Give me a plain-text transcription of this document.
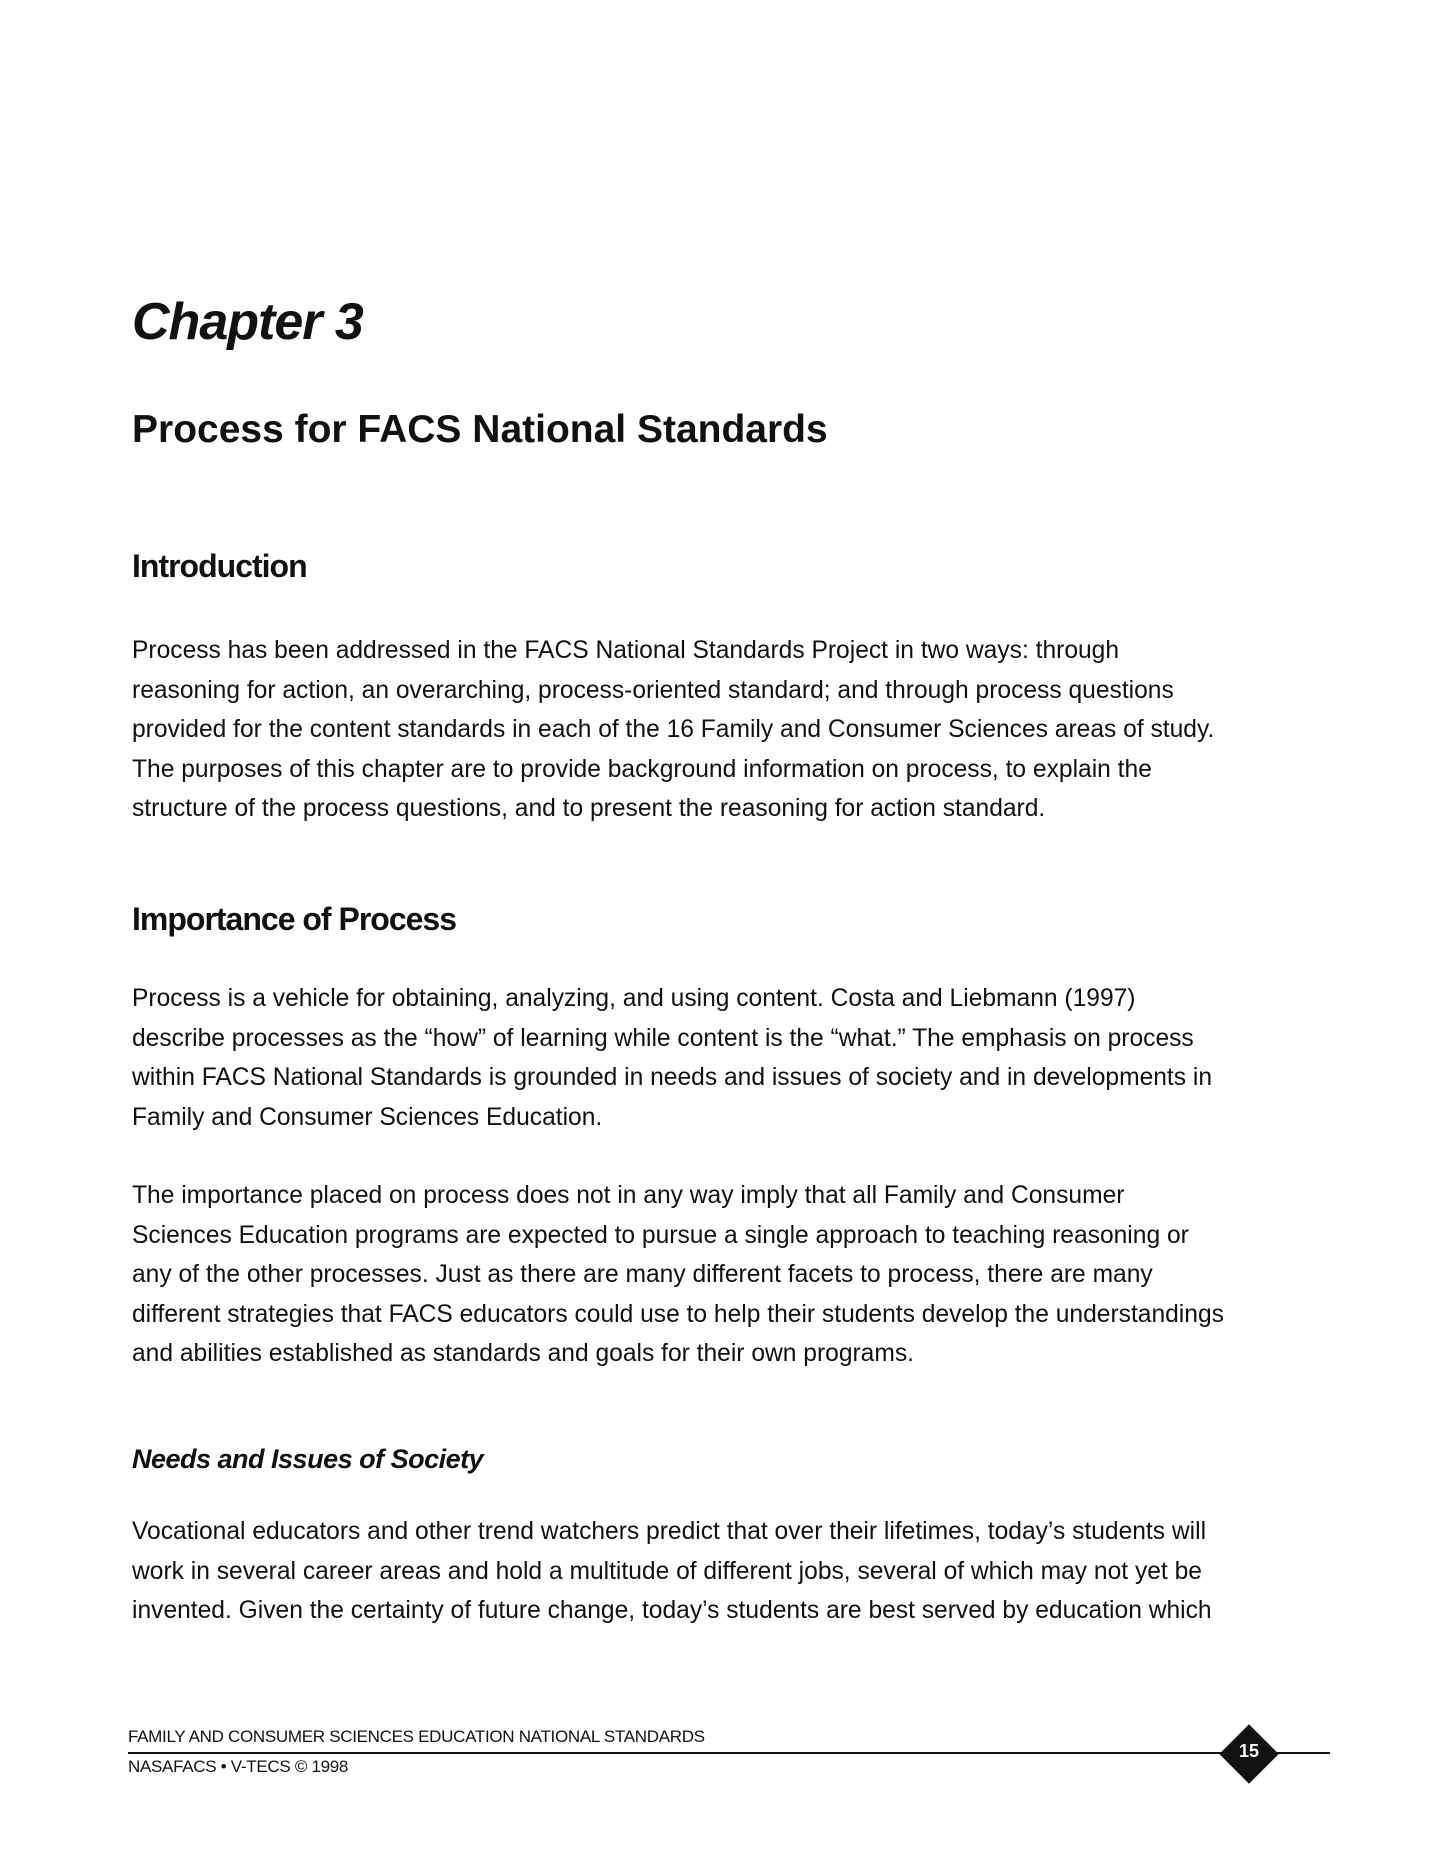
Chapter 3
Process for FACS National Standards
Introduction
Process has been addressed in the FACS National Standards Project in two ways: through
reasoning for action, an overarching, process-oriented standard; and through process questions
provided for the content standards in each of the 16 Family and Consumer Sciences areas of study.
The purposes of this chapter are to provide background information on process, to explain the
structure of the process questions, and to present the reasoning for action standard.
Importance of Process
Process is a vehicle for obtaining, analyzing, and using content. Costa and Liebmann (1997)
describe processes as the “how” of learning while content is the “what.” The emphasis on process
within FACS National Standards is grounded in needs and issues of society and in developments in
Family and Consumer Sciences Education.
The importance placed on process does not in any way imply that all Family and Consumer
Sciences Education programs are expected to pursue a single approach to teaching reasoning or
any of the other processes. Just as there are many different facets to process, there are many
different strategies that FACS educators could use to help their students develop the understandings
and abilities established as standards and goals for their own programs.
Needs and Issues of Society
Vocational educators and other trend watchers predict that over their lifetimes, today’s students will
work in several career areas and hold a multitude of different jobs, several of which may not yet be
invented. Given the certainty of future change, today’s students are best served by education which
FAMILY AND CONSUMER SCIENCES EDUCATION NATIONAL STANDARDS
NASAFACS • V-TECS © 1998
15
